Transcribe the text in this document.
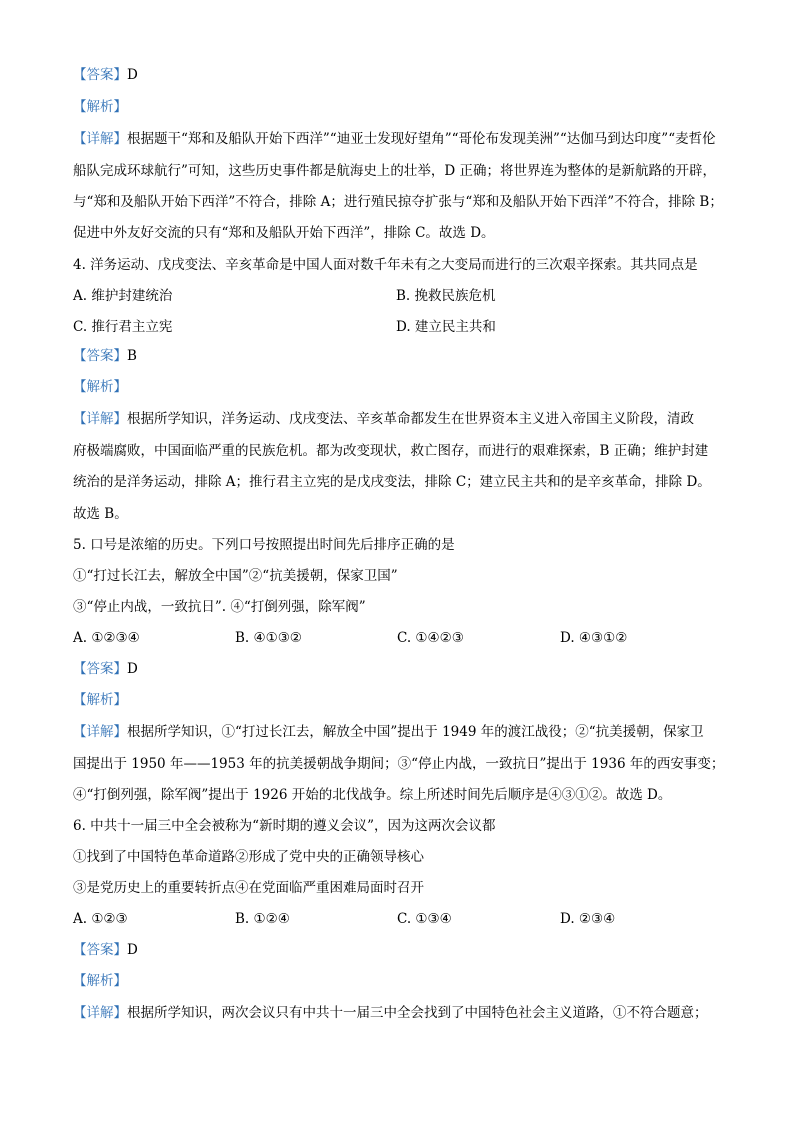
【答案】D
【解析】
【详解】根据题干“郑和及船队开始下西洋”“迪亚士发现好望角”“哥伦布发现美洲”“达伽马到达印度”“麦哲伦
船队完成环球航行”可知，这些历史事件都是航海史上的壮举，D 正确；将世界连为整体的是新航路的开辟，
与“郑和及船队开始下西洋”不符合，排除 A；进行殖民掠夺扩张与“郑和及船队开始下西洋”不符合，排除 B；
促进中外友好交流的只有“郑和及船队开始下西洋”，排除 C。故选 D。
4. 洋务运动、戊戌变法、辛亥革命是中国人面对数千年未有之大变局而进行的三次艰辛探索。其共同点是
A. 维护封建统治	B. 挽救民族危机
C. 推行君主立宪	D. 建立民主共和
【答案】B
【解析】
【详解】根据所学知识，洋务运动、戊戌变法、辛亥革命都发生在世界资本主义进入帝国主义阶段，清政
府极端腐败，中国面临严重的民族危机。都为改变现状，救亡图存，而进行的艰难探索，B 正确；维护封建
统治的是洋务运动，排除 A；推行君主立宪的是戊戌变法，排除 C；建立民主共和的是辛亥革命，排除 D。
故选 B。
5. 口号是浓缩的历史。下列口号按照提出时间先后排序正确的是
①“打过长江去，解放全中国”②“抗美援朝，保家卫国”
③“停止内战，一致抗日”. ④“打倒列强，除军阀”
A. ①②③④	B. ④①③②	C. ①④②③	D. ④③①②
【答案】D
【解析】
【详解】根据所学知识，①“打过长江去，解放全中国”提出于 1949 年的渡江战役；②“抗美援朝，保家卫
国提出于 1950 年——1953 年的抗美援朝战争期间；③“停止内战，一致抗日”提出于 1936 年的西安事变；
④“打倒列强，除军阀”提出于 1926 开始的北伐战争。综上所述时间先后顺序是④③①②。故选 D。
6. 中共十一届三中全会被称为“新时期的遵义会议”，因为这两次会议都
①找到了中国特色革命道路②形成了党中央的正确领导核心
③是党历史上的重要转折点④在党面临严重困难局面时召开
A. ①②③	B. ①②④	C. ①③④	D. ②③④
【答案】D
【解析】
【详解】根据所学知识，两次会议只有中共十一届三中全会找到了中国特色社会主义道路，①不符合题意；
